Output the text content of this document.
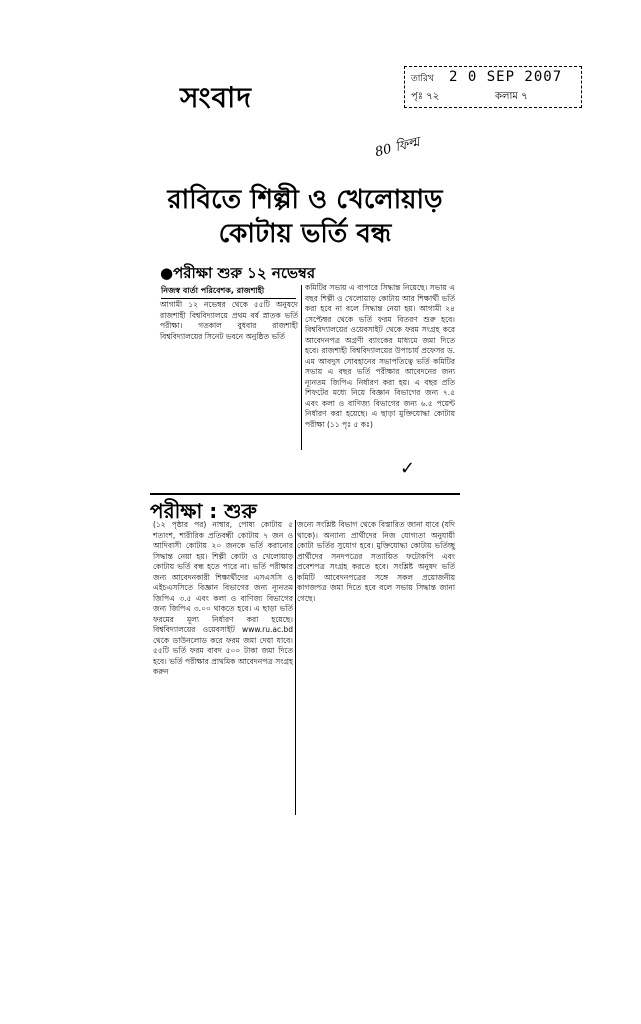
সংবাদ
তারিখ 2 0 SEP 2007
পৃঃ ৭২	কলাম ৭
80 ফিল্ম
রাবিতে শিল্পী ও খেলোয়াড়
কোটায় ভর্তি বন্ধ
●পরীক্ষা শুরু ১২ নভেম্বর
নিজস্ব বার্তা পরিবেশক, রাজশাহী
আগামী ১২ নভেম্বর থেকে ৫৫টি অনুষদে রাজশাহী বিশ্ববিদ্যালয়ে প্রথম বর্ষ স্নাতক ভর্তি পরীক্ষা। গতকাল বুধবার রাজশাহী বিশ্ববিদ্যালয়ের সিনেট ভবনে অনুষ্ঠিত ভর্তি
কমিটির সভায় এ বাপারে সিদ্ধান্ত নিয়েছে। সভায় এ বছর শিল্পী ও খেলোয়াড় কোটায় আর শিক্ষার্থী ভর্তি করা হবে না বলে সিদ্ধান্ত নেয়া হয়। আগামী ২৪ সেপ্টেম্বর থেকে ভর্তি ফরম বিতরণ শুরু হবে। বিশ্ববিদ্যালয়ের ওয়েবসাইট থেকে ফরম সংগ্রহ করে আবেদনপত্র অগ্রণী ব্যাংকের মাধ্যমে জমা দিতে হবে। রাজশাহী বিশ্ববিদ্যালয়ের উপাচার্য প্রফেসর ড. এম আবদুস সোবহানের সভাপতিত্বে ভর্তি কমিটির সভায় এ বছর ভর্তি পরীক্ষার আবেদনের জন্য ন্যূনতম জিপিএ নির্ধারণ করা হয়। এ বছর প্রতি শিফটের মধ্যে নিয়ে বিজ্ঞান বিভাগের জন্য ৭.৫ এবং কলা ও বাণিজ্য বিভাগের জন্য ৬.৫ পয়েন্ট নির্ধারণ করা হয়েছে। এ ছাড়া মুক্তিযোদ্ধা কোটায় পরীক্ষা (১১ পৃঃ ৫ কঃ)
✓
পরীক্ষা : শুরু
(১২ পৃষ্ঠার পর) নাম্বার, পোষ্য কোটায় ৫ শতাংশ, শারীরিক প্রতিবন্ধী কোটায় ৭ জন ও আদিবাসী কোটায় ২০ জনকে ভর্তি করানোর সিদ্ধান্ত নেয়া হয়। শিল্পী কোটা ও খেলোয়াড় কোটায় ভর্তি বন্ধ হতে পারে না। ভর্তি পরীক্ষার জন্য আবেদনকারী শিক্ষার্থীদের এসএসসি ও এইচএসসিতে বিজ্ঞান বিভাগের জন্য ন্যূনতম জিপিএ ৩.৫ এবং কলা ও বাণিজ্য বিভাগের জন্য জিপিএ ৩.০০ থাকতে হবে। এ ছাড়া ভর্তি ফরমের মূল্য নির্ধারণ করা হয়েছে। বিশ্ববিদ্যালয়ের ওয়েবসাইট www.ru.ac.bd থেকে ডাউনলোড করে ফরম জমা দেয়া যাবে। ৫৫টি ভর্তি ফরম বাবদ ৫০০ টাকা জমা দিতে হবে। ভর্তি পরীক্ষার প্রাথমিক আবেদনপত্র সংগ্রহ করুন
জন্যে সংশ্লিষ্ট বিভাগ থেকে বিস্তারিত জানা যাবে (যদি থাকে)। অন্যান্য প্রার্থীদের নিজ যোগ্যতা অনুযায়ী কোটা ভর্তির সুযোগ হবে। মুক্তিযোদ্ধা কোটায় ভর্তিচ্ছু প্রার্থীদের সনদপত্রের সত্যায়িত ফটোকপি এবং প্রবেশপত্র সংগ্রহ করতে হবে। সংশ্লিষ্ট অনুষদ ভর্তি কমিটি আবেদনপত্রের সঙ্গে সকল প্রয়োজনীয় কাগজপত্র জমা দিতে হবে বলে সভায় সিদ্ধান্ত জানা গেছে।
